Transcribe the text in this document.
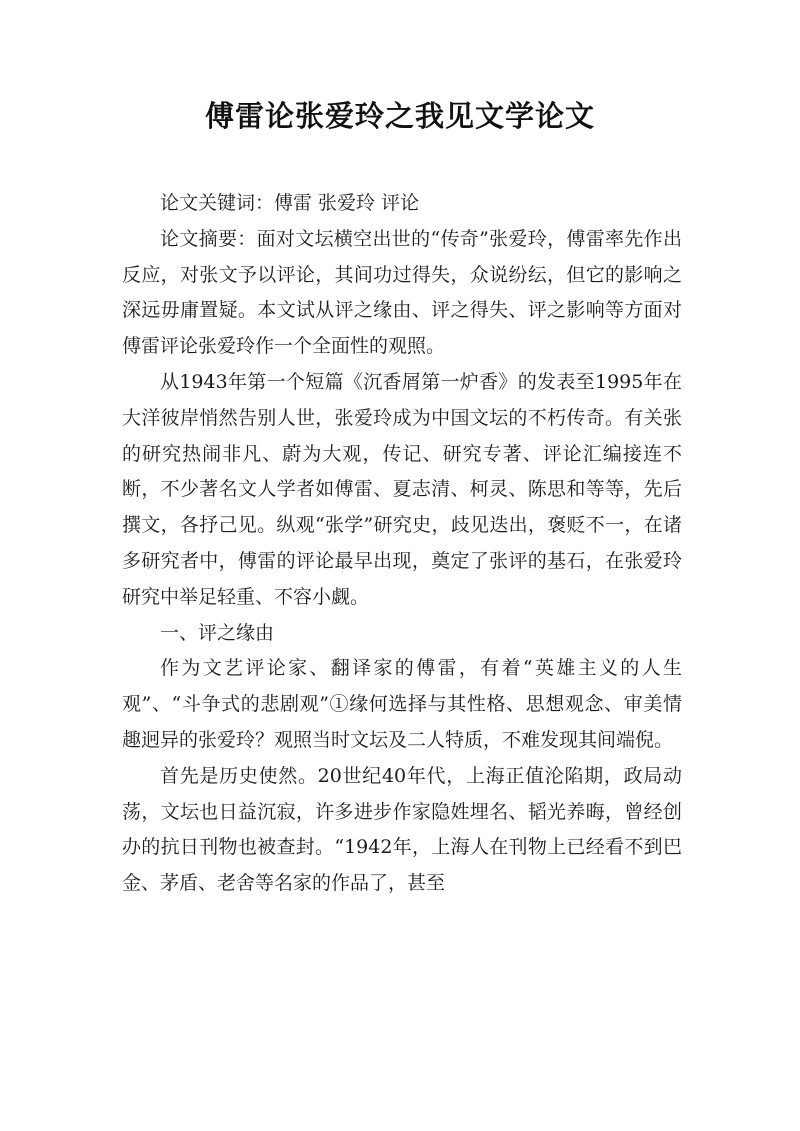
傅雷论张爱玲之我见文学论文

论文关键词：傅雷 张爱玲 评论

论文摘要：面对文坛横空出世的“传奇”张爱玲，傅雷率先作出反应，对张文予以评论，其间功过得失，众说纷纭，但它的影响之深远毋庸置疑。本文试从评之缘由、评之得失、评之影响等方面对傅雷评论张爱玲作一个全面性的观照。

从1943年第一个短篇《沉香屑第一炉香》的发表至1995年在大洋彼岸悄然告别人世，张爱玲成为中国文坛的不朽传奇。有关张的研究热闹非凡、蔚为大观，传记、研究专著、评论汇编接连不断，不少著名文人学者如傅雷、夏志清、柯灵、陈思和等等，先后撰文，各抒己见。纵观“张学”研究史，歧见迭出，褒贬不一，在诸多研究者中，傅雷的评论最早出现，奠定了张评的基石，在张爱玲研究中举足轻重、不容小觑。

一、评之缘由

作为文艺评论家、翻译家的傅雷，有着“英雄主义的人生观”、“斗争式的悲剧观”①缘何选择与其性格、思想观念、审美情趣迥异的张爱玲？观照当时文坛及二人特质，不难发现其间端倪。

首先是历史使然。20世纪40年代，上海正值沦陷期，政局动荡，文坛也日益沉寂，许多进步作家隐姓埋名、韬光养晦，曾经创办的抗日刊物也被查封。“1942年，上海人在刊物上已经看不到巴金、茅盾、老舍等名家的作品了，甚至
